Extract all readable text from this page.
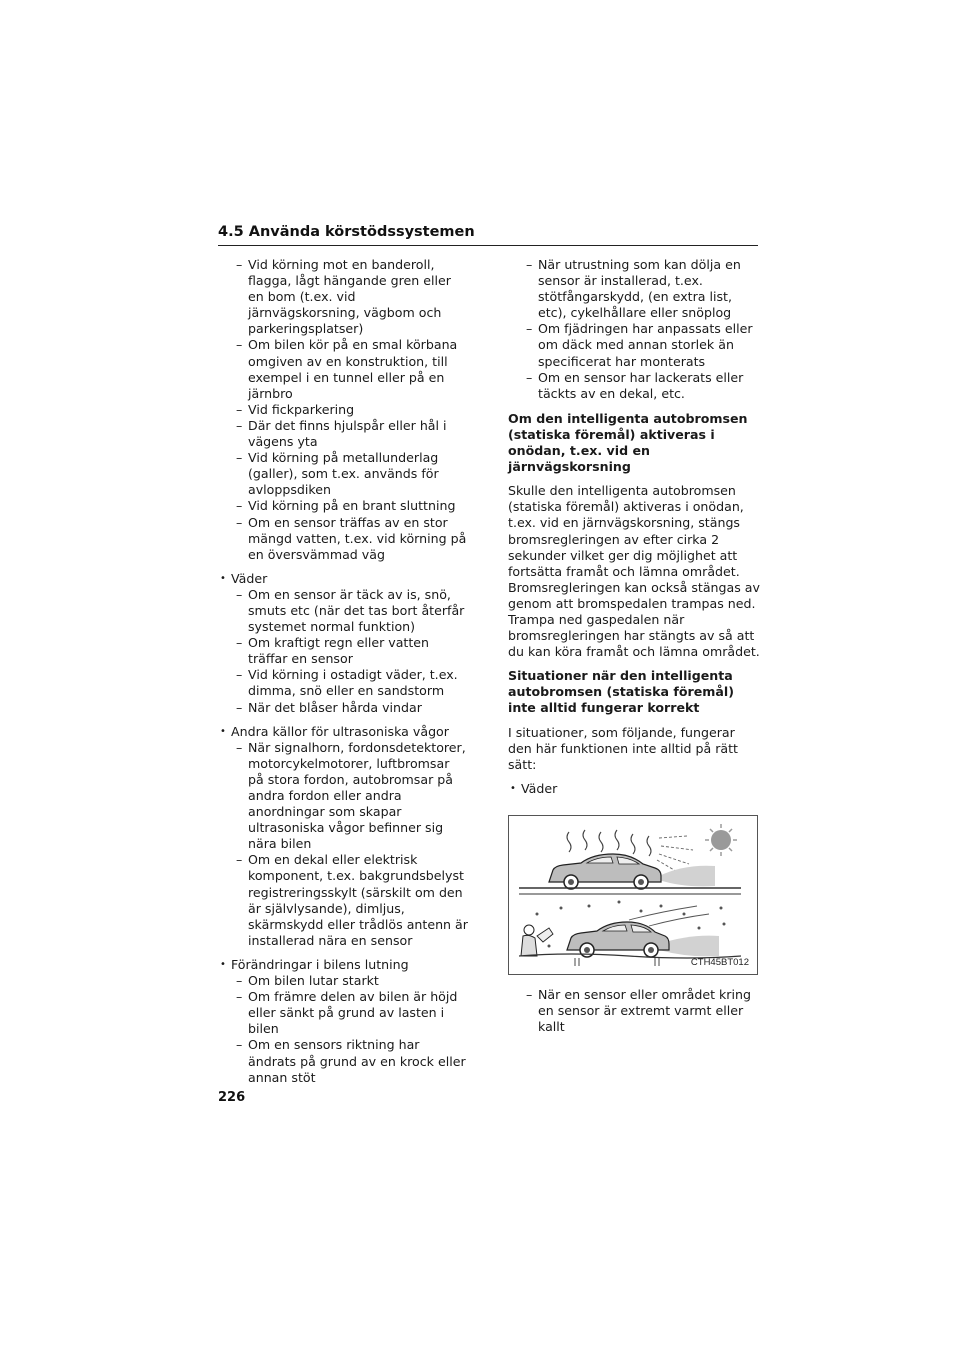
4.5 Använda körstödssystemen
– Vid körning mot en banderoll, flagga, lågt hängande gren eller en bom (t.ex. vid järnvägskorsning, vägbom och parkeringsplatser)
– Om bilen kör på en smal körbana omgiven av en konstruktion, till exempel i en tunnel eller på en järnbro
– Vid fickparkering
– Där det finns hjulspår eller hål i vägens yta
– Vid körning på metallunderlag (galler), som t.ex. används för avloppsdiken
– Vid körning på en brant sluttning
– Om en sensor träffas av en stor mängd vatten, t.ex. vid körning på en översvämmad väg
• Väder
– Om en sensor är täck av is, snö, smuts etc (när det tas bort återfår systemet normal funktion)
– Om kraftigt regn eller vatten träffar en sensor
– Vid körning i ostadigt väder, t.ex. dimma, snö eller en sandstorm
– När det blåser hårda vindar
• Andra källor för ultrasoniska vågor
– När signalhorn, fordonsdetektorer, motorcykelmotorer, luftbromsar på stora fordon, autobromsar på andra fordon eller andra anordningar som skapar ultrasoniska vågor befinner sig nära bilen
– Om en dekal eller elektrisk komponent, t.ex. bakgrundsbelyst registreringsskylt (särskilt om den är självlysande), dimljus, skärmskydd eller trådlös antenn är installerad nära en sensor
• Förändringar i bilens lutning
– Om bilen lutar starkt
– Om främre delen av bilen är höjd eller sänkt på grund av lasten i bilen
– Om en sensors riktning har ändrats på grund av en krock eller annan stöt
– När utrustning som kan dölja en sensor är installerad, t.ex. stötfångarskydd, (en extra list, etc), cykelhållare eller snöplog
– Om fjädringen har anpassats eller om däck med annan storlek än specificerat har monterats
– Om en sensor har lackerats eller täckts av en dekal, etc.
Om den intelligenta autobromsen (statiska föremål) aktiveras i onödan, t.ex. vid en järnvägskorsning
Skulle den intelligenta autobromsen (statiska föremål) aktiveras i onödan, t.ex. vid en järnvägskorsning, stängs bromsregleringen av efter cirka 2 sekunder vilket ger dig möjlighet att fortsätta framåt och lämna området. Bromsregleringen kan också stängas av genom att bromspedalen trampas ned. Trampa ned gaspedalen när bromsregleringen har stängts av så att du kan köra framåt och lämna området.
Situationer när den intelligenta autobromsen (statiska föremål) inte alltid fungerar korrekt
I situationer, som följande, fungerar den här funktionen inte alltid på rätt sätt:
• Väder
CTH45BT012
– När en sensor eller området kring en sensor är extremt varmt eller kallt
226
